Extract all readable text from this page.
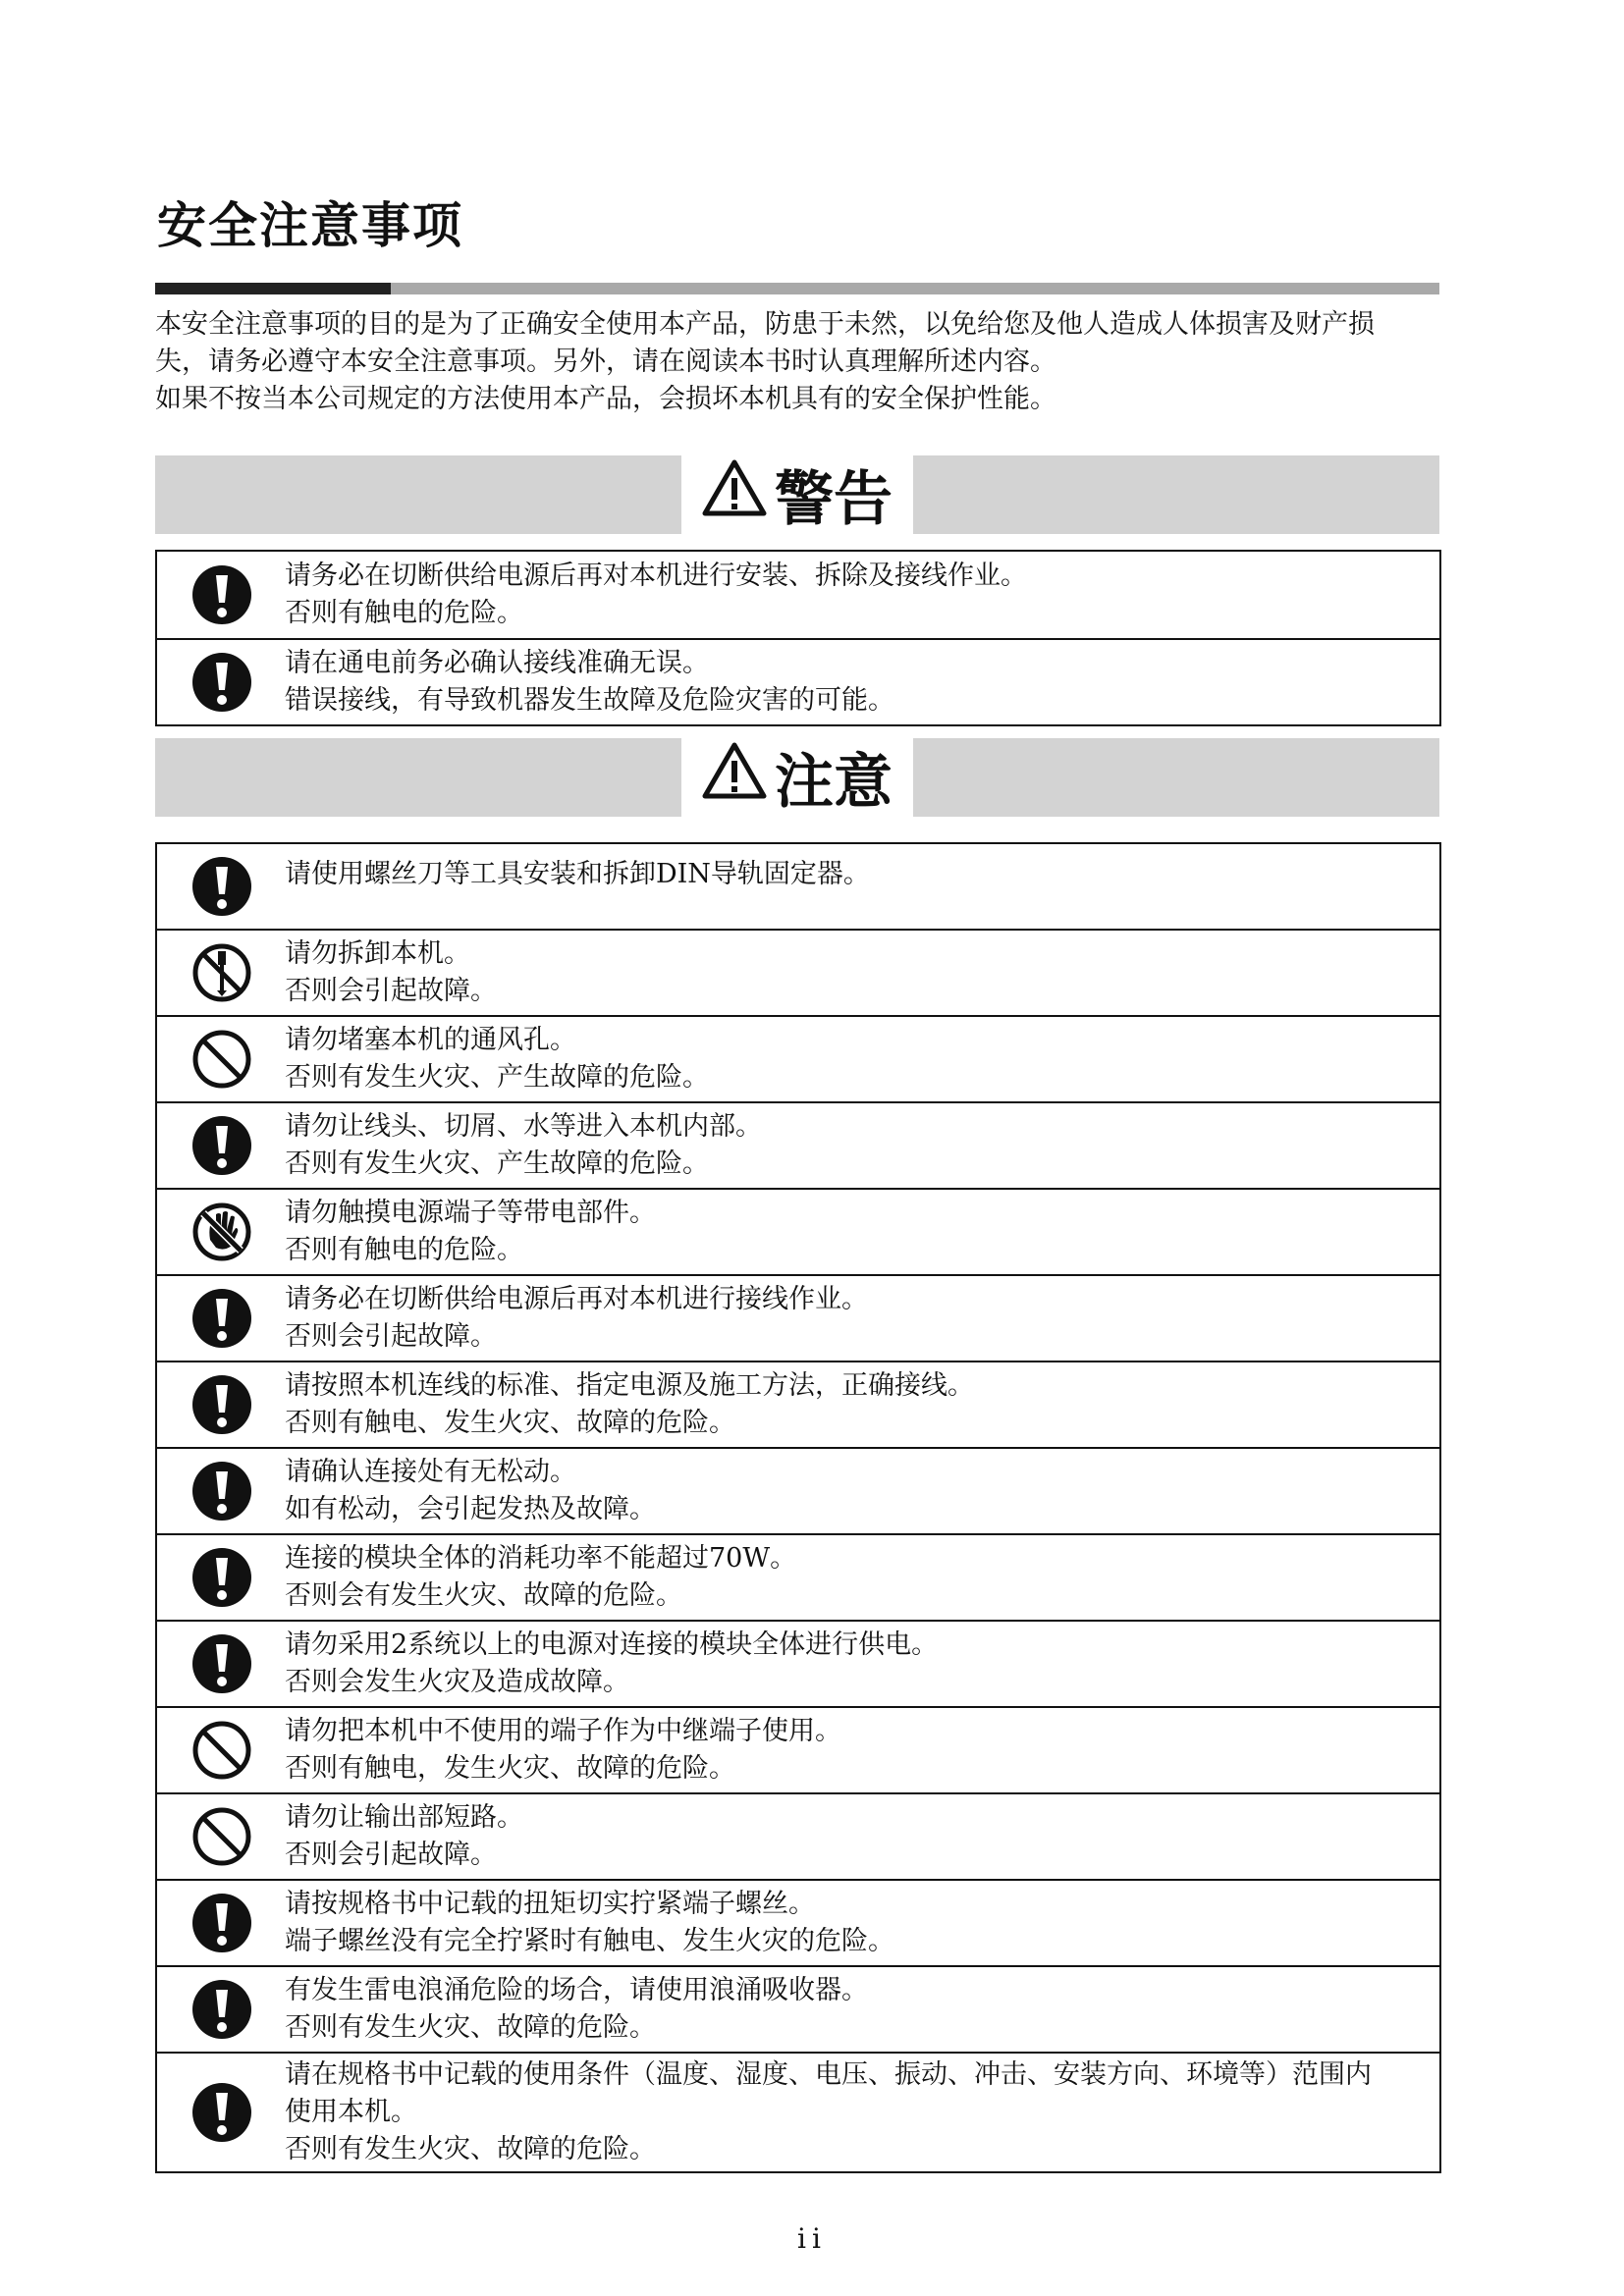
安全注意事项

本安全注意事项的目的是为了正确安全使用本产品，防患于未然，以免给您及他人造成人体损害及财产损

失，请务必遵守本安全注意事项。另外，请在阅读本书时认真理解所述内容。

如果不按当本公司规定的方法使用本产品，会损坏本机具有的安全保护性能。

警告
请务必在切断供给电源后再对本机进行安装、拆除及接线作业。
否则有触电的危险。
请在通电前务必确认接线准确无误。
错误接线，有导致机器发生故障及危险灾害的可能。
注意
请使用螺丝刀等工具安装和拆卸DIN导轨固定器。
请勿拆卸本机。
否则会引起故障。
请勿堵塞本机的通风孔。
否则有发生火灾、产生故障的危险。
请勿让线头、切屑、水等进入本机内部。
否则有发生火灾、产生故障的危险。
请勿触摸电源端子等带电部件。
否则有触电的危险。
请务必在切断供给电源后再对本机进行接线作业。
否则会引起故障。
请按照本机连线的标准、指定电源及施工方法，正确接线。
否则有触电、发生火灾、故障的危险。
请确认连接处有无松动。
如有松动，会引起发热及故障。
连接的模块全体的消耗功率不能超过70W。
否则会有发生火灾、故障的危险。
请勿采用2系统以上的电源对连接的模块全体进行供电。
否则会发生火灾及造成故障。
请勿把本机中不使用的端子作为中继端子使用。
否则有触电，发生火灾、故障的危险。
请勿让输出部短路。
否则会引起故障。
请按规格书中记载的扭矩切实拧紧端子螺丝。
端子螺丝没有完全拧紧时有触电、发生火灾的危险。
有发生雷电浪涌危险的场合，请使用浪涌吸收器。
否则有发生火灾、故障的危险。
请在规格书中记载的使用条件（温度、湿度、电压、振动、冲击、安装方向、环境等）范围内
使用本机。
否则有发生火灾、故障的危险。
ii
